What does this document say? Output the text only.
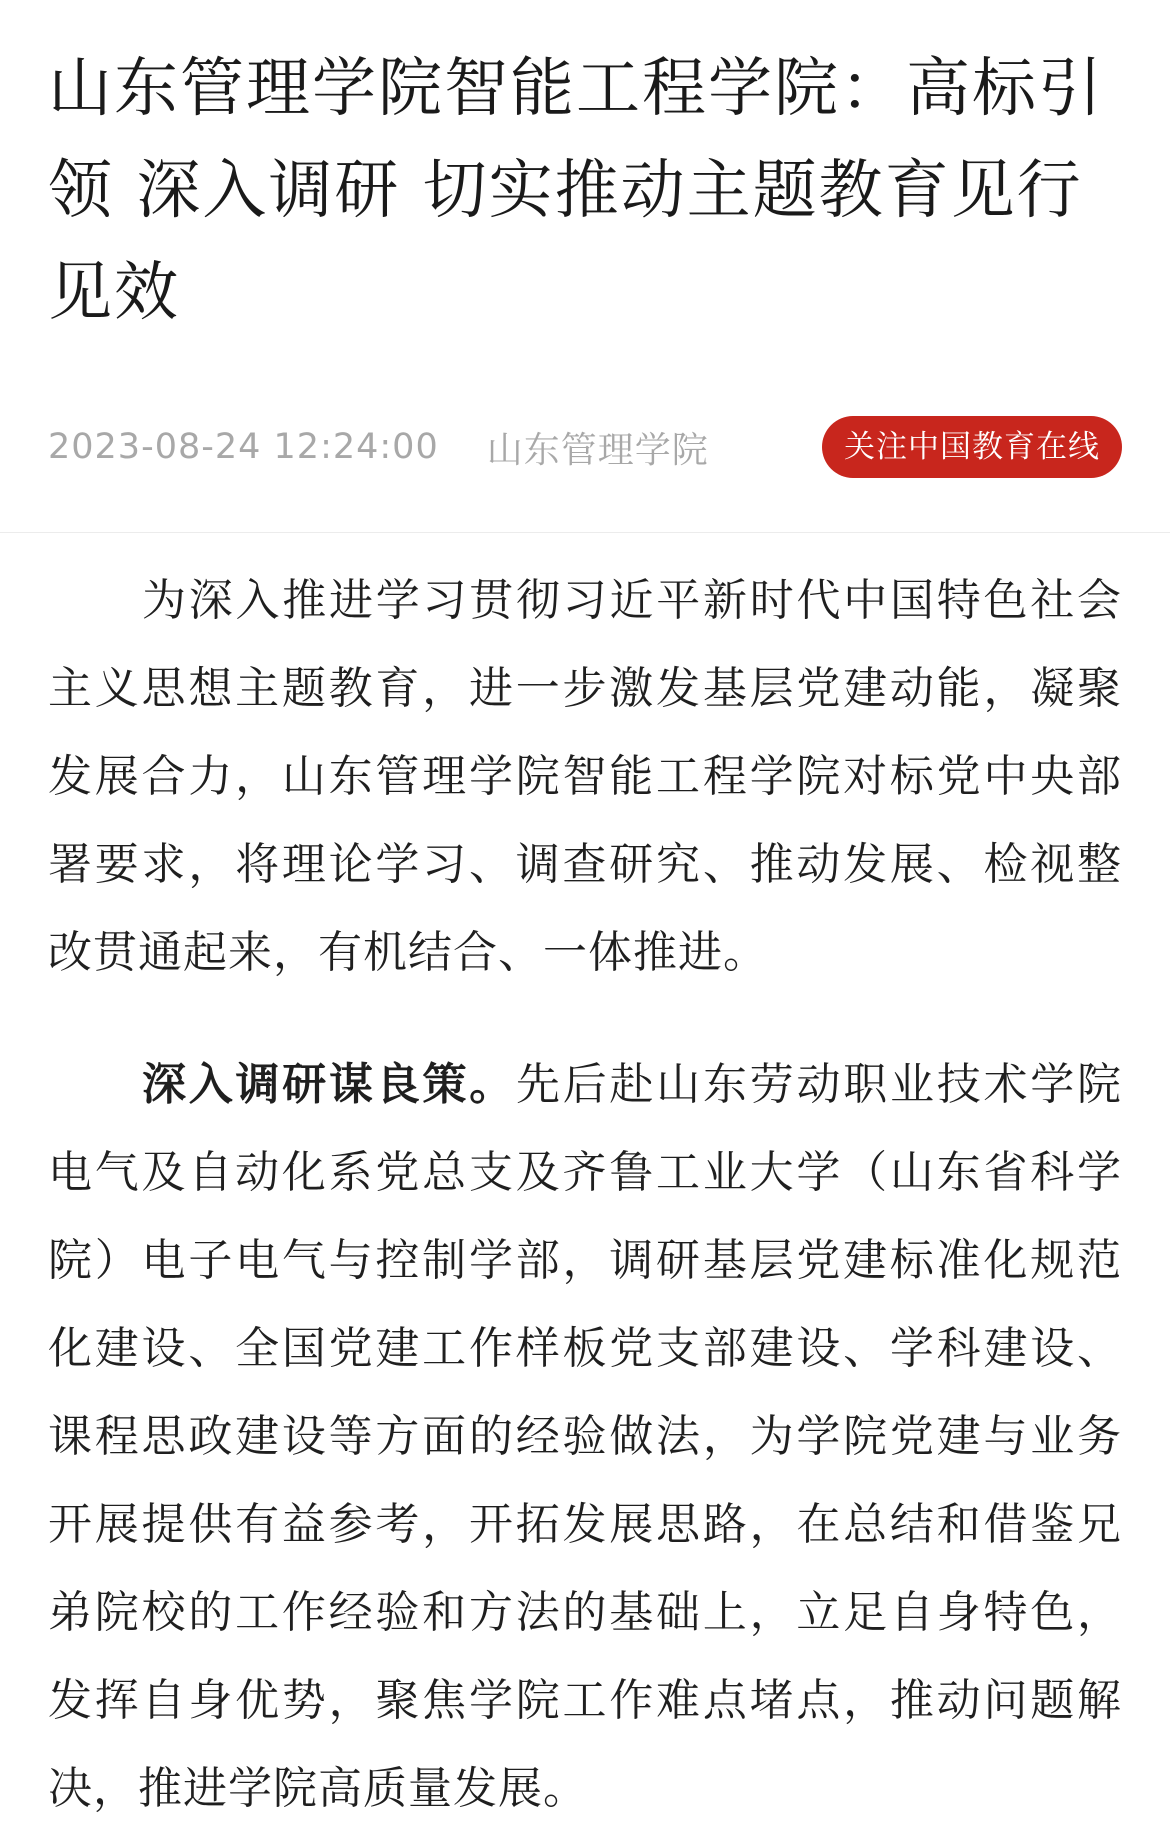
山东管理学院智能工程学院：高标引领 深入调研 切实推动主题教育见行见效
2023-08-24 12:24:00 山东管理学院	关注中国教育在线

为深入推进学习贯彻习近平新时代中国特色社会主义思想主题教育，进一步激发基层党建动能，凝聚发展合力，山东管理学院智能工程学院对标党中央部署要求，将理论学习、调查研究、推动发展、检视整改贯通起来，有机结合、一体推进。

深入调研谋良策。先后赴山东劳动职业技术学院电气及自动化系党总支及齐鲁工业大学（山东省科学院）电子电气与控制学部，调研基层党建标准化规范化建设、全国党建工作样板党支部建设、学科建设、课程思政建设等方面的经验做法，为学院党建与业务开展提供有益参考，开拓发展思路，在总结和借鉴兄弟院校的工作经验和方法的基础上，立足自身特色，发挥自身优势，聚焦学院工作难点堵点，推动问题解决，推进学院高质量发展。
